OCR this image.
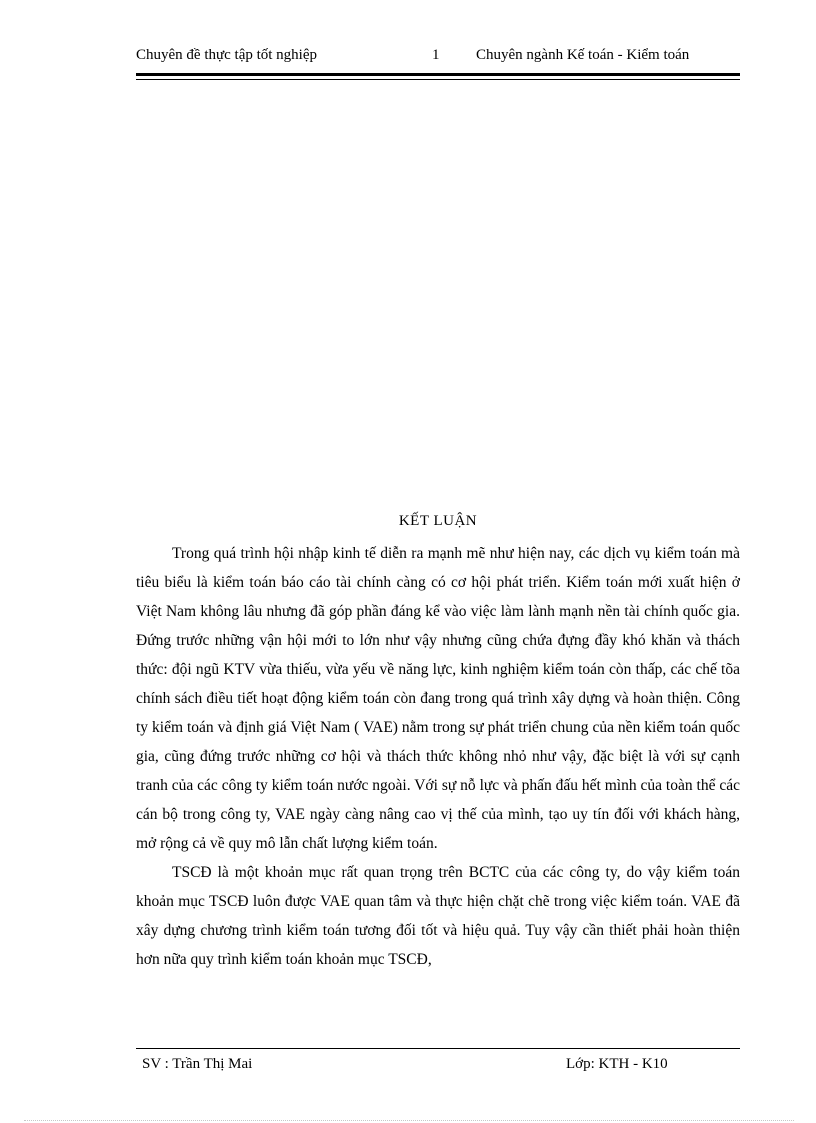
Chuyên đề thực tập tốt nghiệp	1 Chuyên ngành Kế toán - Kiểm toán
KẾT LUẬN

Trong quá trình hội nhập kinh tế diễn ra mạnh mẽ như hiện nay, các dịch vụ kiểm toán mà tiêu biểu là kiểm toán báo cáo tài chính càng có cơ hội phát triển. Kiểm toán mới xuất hiện ở Việt Nam không lâu nhưng đã góp phần đáng kể vào việc làm lành mạnh nền tài chính quốc gia. Đứng trước những vận hội mới to lớn như vậy nhưng cũng chứa đựng đầy khó khăn và thách thức: đội ngũ KTV vừa thiếu, vừa yếu về năng lực, kinh nghiệm kiểm toán còn thấp, các chế tõa chính sách điều tiết hoạt động kiểm toán còn đang trong quá trình xây dựng và hoàn thiện. Công ty kiểm toán và định giá Việt Nam ( VAE) nằm trong sự phát triển chung của nền kiểm toán quốc gia, cũng đứng trước những cơ hội và thách thức không nhỏ như vậy, đặc biệt là với sự cạnh tranh của các công ty kiểm toán nước ngoài. Với sự nỗ lực và phấn đấu hết mình của toàn thể các cán bộ trong công ty, VAE ngày càng nâng cao vị thế của mình, tạo uy tín đối với khách hàng, mở rộng cả về quy mô lẫn chất lượng kiểm toán.

TSCĐ là một khoản mục rất quan trọng trên BCTC của các công ty, do vậy kiểm toán khoản mục TSCĐ luôn được VAE quan tâm và thực hiện chặt chẽ trong việc kiểm toán. VAE đã xây dựng chương trình kiểm toán tương đối tốt và hiệu quả. Tuy vậy cần thiết phải hoàn thiện hơn nữa quy trình kiểm toán khoản mục TSCĐ,

SV : Trần Thị Mai	Lớp: KTH - K10
